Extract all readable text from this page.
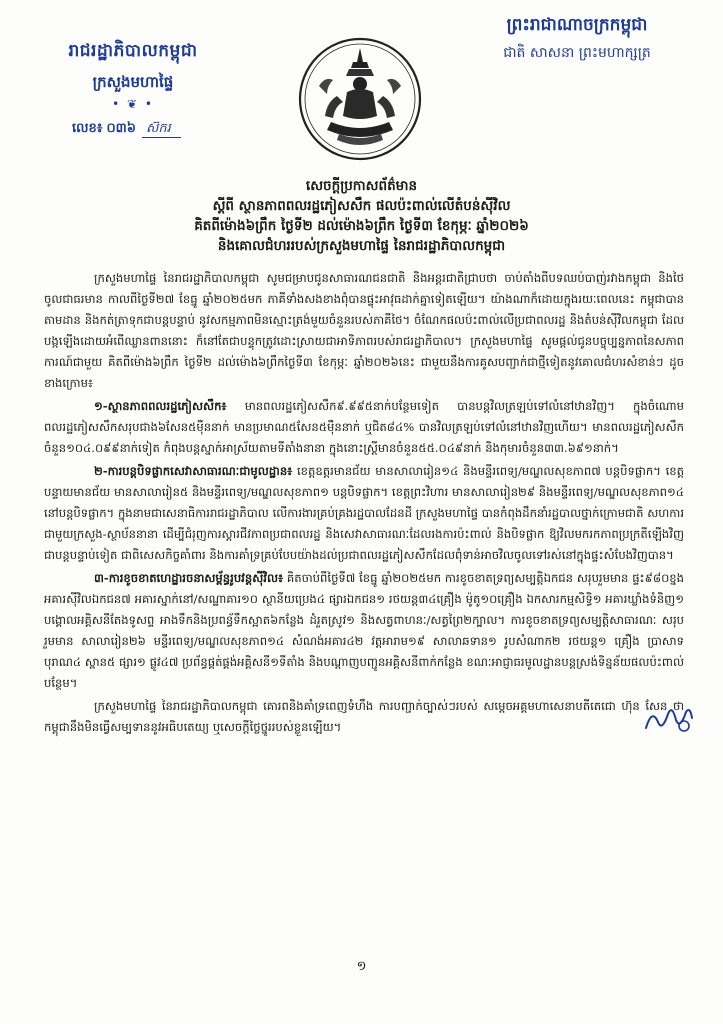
រាជរដ្ឋាភិបាលកម្ពុជា
ក្រសួងមហាផ្ទៃ
• ❦ •
លេខ៖ ០៣៦ ស៊ករ
ព្រះរាជាណាចក្រកម្ពុជា
ជាតិ សាសនា ព្រះមហាក្សត្រ
សេចក្ដីប្រកាសព័ត៌មាន
ស្ដីពី ស្ថានភាពពលរដ្ឋភៀសសឹក ផលប៉ះពាល់លើតំបន់ស៊ីវិល
គិតពីម៉ោង៦ព្រឹក ថ្ងៃទី២ ដល់ម៉ោង៦ព្រឹក ថ្ងៃទី៣ ខែកុម្ភៈ ឆ្នាំ២០២៦
និងគោលជំហររបស់ក្រសួងមហាផ្ទៃ នៃរាជរដ្ឋាភិបាលកម្ពុជា

ក្រសួងមហាផ្ទៃ នៃរាជរដ្ឋាភិបាលកម្ពុជា សូមជម្រាបជូនសាធារណជនជាតិ និងអន្តរជាតិជ្រាបថា ចាប់តាំងពីបទឈប់បាញ់រវាងកម្ពុជា និងថៃ ចូលជាធរមាន កាលពីថ្ងៃទី២៧ ខែធ្នូ ឆ្នាំ២០២៥មក ភាគីទាំងសងខាងពុំបានផ្ទុះអាវុធដាក់គ្នាទៀតឡើយ។ យ៉ាងណាក៏ដោយក្នុងរយៈពេលនេះ កម្ពុជាបានតាមដាន និងកត់ត្រាទុកជាបន្តបន្ទាប់ នូវសកម្មភាពមិនស្មោះត្រង់មួយចំនួនរបស់ភាគីថៃ។ ចំណែកផលប៉ះពាល់លើប្រជាពលរដ្ឋ និងតំបន់ស៊ីវិលកម្ពុជា ដែលបង្កឡើងដោយអំពើឈ្លានពាននោះ ក៏នៅតែជាបន្ទុកត្រូវដោះស្រាយជាអាទិភាពរបស់រាជរដ្ឋាភិបាល។ ក្រសួងមហាផ្ទៃ សូមផ្ដល់ជូនបច្ចុប្បន្នភាពនៃសភាពការណ៍ជាមួយ គិតពីម៉ោង៦ព្រឹក ថ្ងៃទី២ ដល់ម៉ោង៦ព្រឹកថ្ងៃទី៣ ខែកុម្ភៈ ឆ្នាំ២០២៦នេះ ជាមួយនឹងការគូសបញ្ជាក់ជាថ្មីទៀតនូវគោលជំហរសំខាន់ៗ ដូចខាងក្រោម៖

១-ស្ថានភាពពលរដ្ឋភៀសសឹក៖ មានពលរដ្ឋភៀសសឹក៩.៩៩៥នាក់បន្ថែមទៀត បានបន្តវិលត្រឡប់ទៅលំនៅឋានវិញ។ ក្នុងចំណោមពលរដ្ឋភៀសសឹកសរុបជាង៦សែន៥ម៉ឺននាក់ មានប្រមាណ៥សែន៥ម៉ឺននាក់ ឬជិត៨៤% បានវិលត្រឡប់ទៅលំនៅឋានវិញហើយ។ មានពលរដ្ឋភៀសសឹកចំនួន១០៤.០៩៩នាក់ទៀត កំពុងបន្តស្នាក់អាស្រ័យតាមទីតាំងនានា ក្នុងនោះស្ត្រីមានចំនួន៥៥.០៤៩នាក់ និងកុមារចំនួន៣៣.៦៩១នាក់។

២-ការបន្តបិទផ្លាកសេវាសាធារណៈជាមូលដ្ឋាន៖ ខេត្តឧត្ដរមានជ័យ មានសាលារៀន១៤ និងមន្ទីរពេទ្យ/មណ្ឌលសុខភាព៧ បន្តបិទផ្លាក។ ខេត្តបន្ទាយមានជ័យ មានសាលារៀន៥ និងមន្ទីរពេទ្យ/មណ្ឌលសុខភាព១ បន្តបិទផ្លាក។ ខេត្តព្រះវិហារ មានសាលារៀន២៩ និងមន្ទីរពេទ្យ/មណ្ឌលសុខភាព១៤ នៅបន្តបិទផ្លាក។ ក្នុងនាមជាសេនាធិការរាជរដ្ឋាភិបាល លើការងារគ្រប់គ្រងរដ្ឋបាលដែនដី ក្រសួងមហាផ្ទៃ បានកំពុងដឹកនាំរដ្ឋបាលថ្នាក់ក្រោមជាតិ សហការជាមួយក្រសួង-ស្ថាប័ននានា ដើម្បីជំរុញការស្ដារជីវភាពប្រជាពលរដ្ឋ និងសេវាសាធារណៈដែលរងការប៉ះពាល់ និងបិទផ្លាក ឱ្យវិលមករកភាពប្រក្រតីឡើងវិញជាបន្តបន្ទាប់ទៀត ជាពិសេសកិច្ចគាំពារ និងការគាំទ្រគ្រប់បែបយ៉ាងដល់ប្រជាពលរដ្ឋភៀសសឹកដែលពុំទាន់អាចវិលចូលទៅរស់នៅក្នុងផ្ទះសំបែងវិញបាន។

៣-ការខូចខាតហេដ្ឋារចនាសម្ព័ន្ធរូបវន្តស៊ីវិល៖ គិតចាប់ពីថ្ងៃទី៧ ខែធ្នូ ឆ្នាំ២០២៥មក ការខូចខាតទ្រព្យសម្បត្តិឯកជន សរុបរួមមាន ផ្ទះ៩៨០ខ្នង អគារស៊ីវិលឯកជន៧ អគារស្នាក់នៅ/សណ្ឋាគារ១០ ស្ថានីយប្រេង៤ ផ្សារឯកជន១ រថយន្ត៣៤គ្រឿង ម៉ូតូ១០គ្រឿង ឯកសារកម្មសិទ្ធិ១ អគារឃ្លាំងទំនិញ១ បង្គោលអគ្គិសនីតែងទូសព្ទ អាងទឹកនិងប្រពន្ធ័ទឹកស្អាត៦កន្លែង ដំរួតស្រូវ១ និងសត្វពាហនៈ/សត្វព្រៃ២ក្បាល។ ការខូចខាតទ្រព្យសម្បត្តិសាធារណៈ សរុបរួមមាន សាលារៀន២៦ មន្ទីរពេទ្យ/មណ្ឌលសុខភាព១៤ សំណង់អគារ៤២ វត្តអារាម១៩ សាលាឆទាន១ រូបសំណាក២ រថយន្ត១ គ្រឿង ប្រាសាទបុរាណ៤ ស្ពាន៥ ផ្សារ១ ផ្លូវ៤៧ ប្រព័ន្ធផ្គត់ផ្គង់អគ្គិសនី១ទីតាំង និងបណ្ដាញបញ្ជូនអគ្គិសនីពាក់កន្លែង ខណៈអាជ្ញាធរមូលដ្ឋានបន្តស្រង់ទិន្នន័យផលប៉ះពាល់បន្ថែម។

ក្រសួងមហាផ្ទៃ នៃរាជរដ្ឋាភិបាលកម្ពុជា គោរពនិងគាំទ្រពេញទំហឹង ការបញ្ជាក់ច្បាស់ៗរបស់ សម្ដេចអគ្គមហាសេនាបតីតេជោ ហ៊ុន សែន ថា កម្ពុជានឹងមិនធ្វើសម្បទាននូវអធិបតេយ្យ ឬសេចក្ដីថ្លៃថ្នូររបស់ខ្លួនឡើយ។

១
